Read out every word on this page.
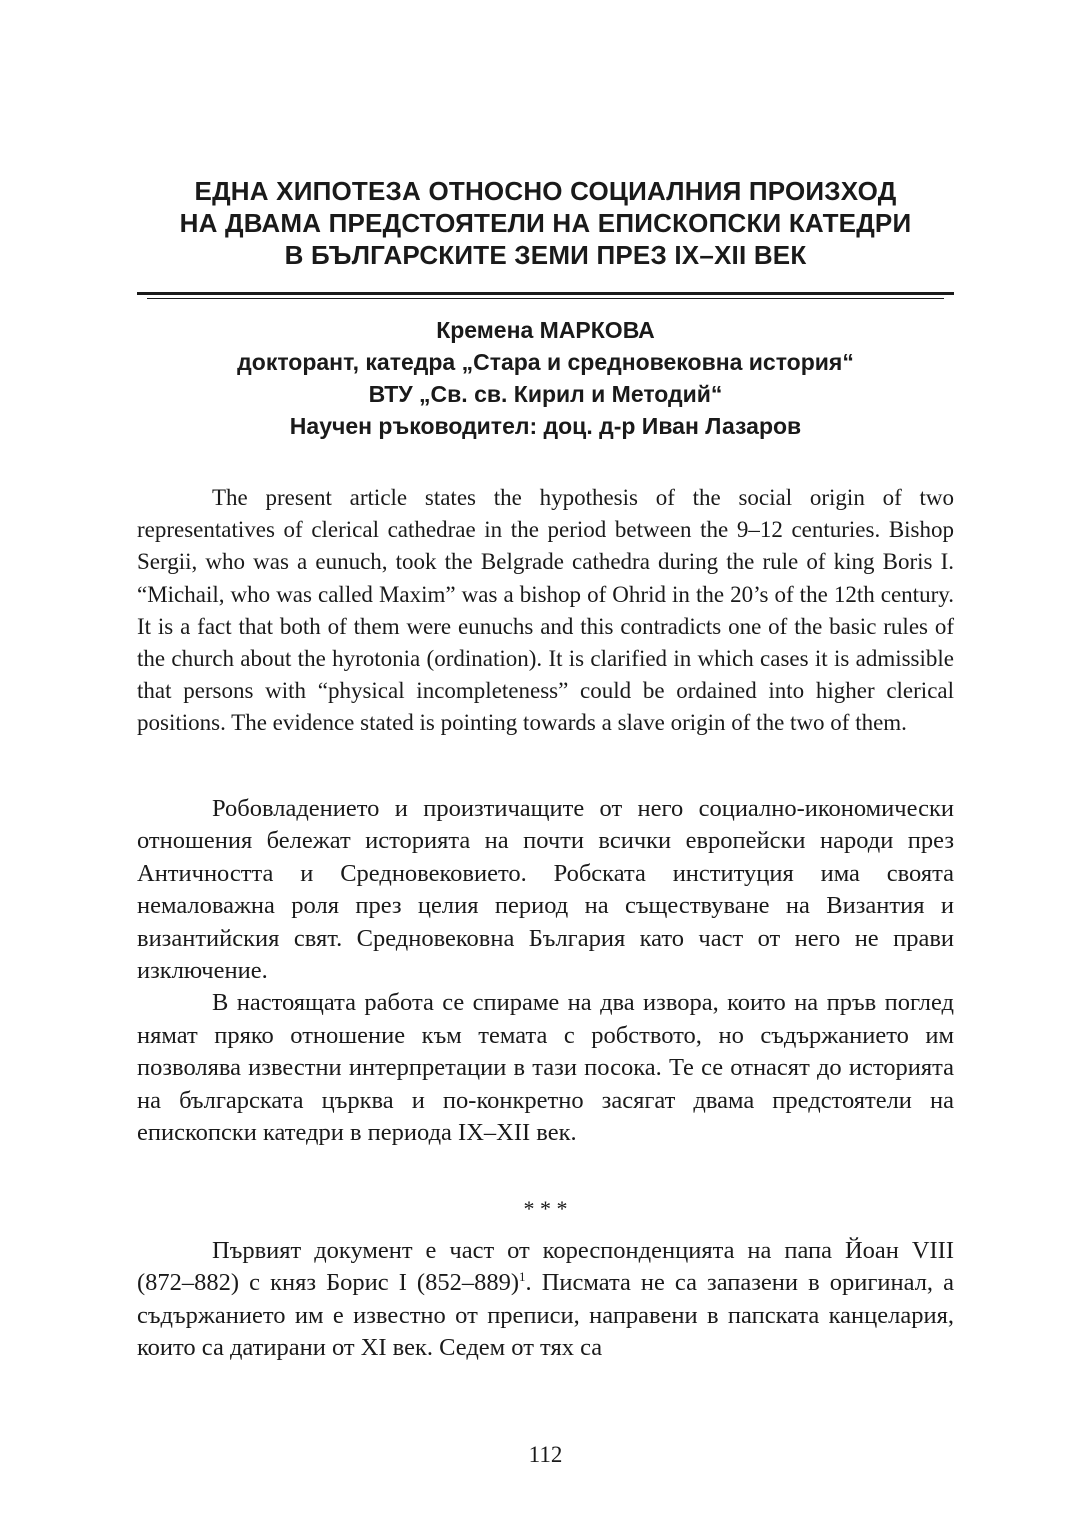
ЕДНА ХИПОТЕЗА ОТНОСНО СОЦИАЛНИЯ ПРОИЗХОД
НА ДВАМА ПРЕДСТОЯТЕЛИ НА ЕПИСКОПСКИ КАТЕДРИ
В БЪЛГАРСКИТЕ ЗЕМИ ПРЕЗ IX–XII ВЕК
Кремена МАРКОВА
докторант, катедра „Стара и средновековна история“
ВТУ „Св. св. Кирил и Методий“
Научен ръководител: доц. д-р Иван Лазаров

The present article states the hypothesis of the social origin of two representatives of clerical cathedrae in the period between the 9–12 centuries. Bishop Sergii, who was a eunuch, took the Belgrade cathedra during the rule of king Boris I. “Michail, who was called Maxim” was a bishop of Ohrid in the 20’s of the 12th century. It is a fact that both of them were eunuchs and this contradicts one of the basic rules of the church about the hyrotonia (ordination). It is clarified in which cases it is admissible that persons with “physical incompleteness” could be ordained into higher clerical positions. The evidence stated is pointing towards a slave origin of the two of them.

Робовладението и произтичащите от него социално-икономически отношения бележат историята на почти всички европейски народи през Античността и Средновековието. Робската институция има своята немаловажна роля през целия период на съществуване на Византия и византийския свят. Средновековна България като част от него не прави изключение.

В настоящата работа се спираме на два извора, които на пръв поглед нямат пряко отношение към темата с робството, но съдържанието им позволява известни интерпретации в тази посока. Те се отнасят до историята на българската църква и по-конкретно засягат двама предстоятели на епископски катедри в периода IX–XII век.

* * *

Първият документ е част от кореспонденцията на папа Йоан VIII (872–882) с княз Борис I $(852-889)^1$. Писмата не са запазени в оригинал, а съдържанието им е известно от преписи, направени в папската канцелария, които са датирани от XI век. Седем от тях са

112
